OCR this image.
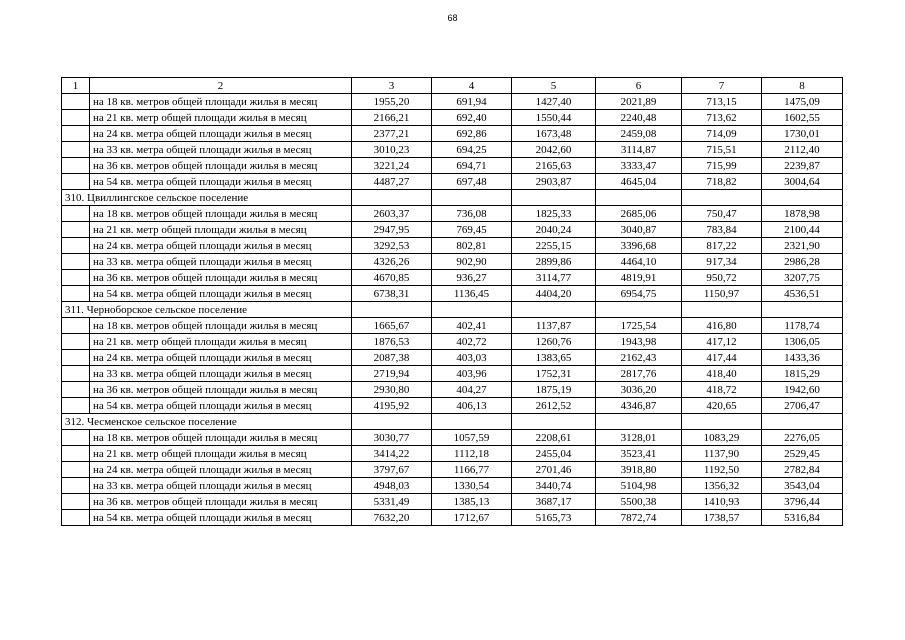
68
1	2	3	4	5	6	7	8
	на 18 кв. метров общей площади жилья в месяц	1955,20	691,94	1427,40	2021,89	713,15	1475,09
	на 21 кв. метр общей площади жилья в месяц	2166,21	692,40	1550,44	2240,48	713,62	1602,55
	на 24 кв. метра общей площади жилья в месяц	2377,21	692,86	1673,48	2459,08	714,09	1730,01
	на 33 кв. метра общей площади жилья в месяц	3010,23	694,25	2042,60	3114,87	715,51	2112,40
	на 36 кв. метров общей площади жилья в месяц	3221,24	694,71	2165,63	3333,47	715,99	2239,87
	на 54 кв. метра общей площади жилья в месяц	4487,27	697,48	2903,87	4645,04	718,82	3004,64
310. Цвиллингское сельское поселение							
	на 18 кв. метров общей площади жилья в месяц	2603,37	736,08	1825,33	2685,06	750,47	1878,98
	на 21 кв. метр общей площади жилья в месяц	2947,95	769,45	2040,24	3040,87	783,84	2100,44
	на 24 кв. метра общей площади жилья в месяц	3292,53	802,81	2255,15	3396,68	817,22	2321,90
	на 33 кв. метра общей площади жилья в месяц	4326,26	902,90	2899,86	4464,10	917,34	2986,28
	на 36 кв. метров общей площади жилья в месяц	4670,85	936,27	3114,77	4819,91	950,72	3207,75
	на 54 кв. метра общей площади жилья в месяц	6738,31	1136,45	4404,20	6954,75	1150,97	4536,51
311. Черноборское сельское поселение							
	на 18 кв. метров общей площади жилья в месяц	1665,67	402,41	1137,87	1725,54	416,80	1178,74
	на 21 кв. метр общей площади жилья в месяц	1876,53	402,72	1260,76	1943,98	417,12	1306,05
	на 24 кв. метра общей площади жилья в месяц	2087,38	403,03	1383,65	2162,43	417,44	1433,36
	на 33 кв. метра общей площади жилья в месяц	2719,94	403,96	1752,31	2817,76	418,40	1815,29
	на 36 кв. метров общей площади жилья в месяц	2930,80	404,27	1875,19	3036,20	418,72	1942,60
	на 54 кв. метра общей площади жилья в месяц	4195,92	406,13	2612,52	4346,87	420,65	2706,47
312. Чесменское сельское поселение							
	на 18 кв. метров общей площади жилья в месяц	3030,77	1057,59	2208,61	3128,01	1083,29	2276,05
	на 21 кв. метр общей площади жилья в месяц	3414,22	1112,18	2455,04	3523,41	1137,90	2529,45
	на 24 кв. метра общей площади жилья в месяц	3797,67	1166,77	2701,46	3918,80	1192,50	2782,84
	на 33 кв. метра общей площади жилья в месяц	4948,03	1330,54	3440,74	5104,98	1356,32	3543,04
	на 36 кв. метров общей площади жилья в месяц	5331,49	1385,13	3687,17	5500,38	1410,93	3796,44
	на 54 кв. метра общей площади жилья в месяц	7632,20	1712,67	5165,73	7872,74	1738,57	5316,84
